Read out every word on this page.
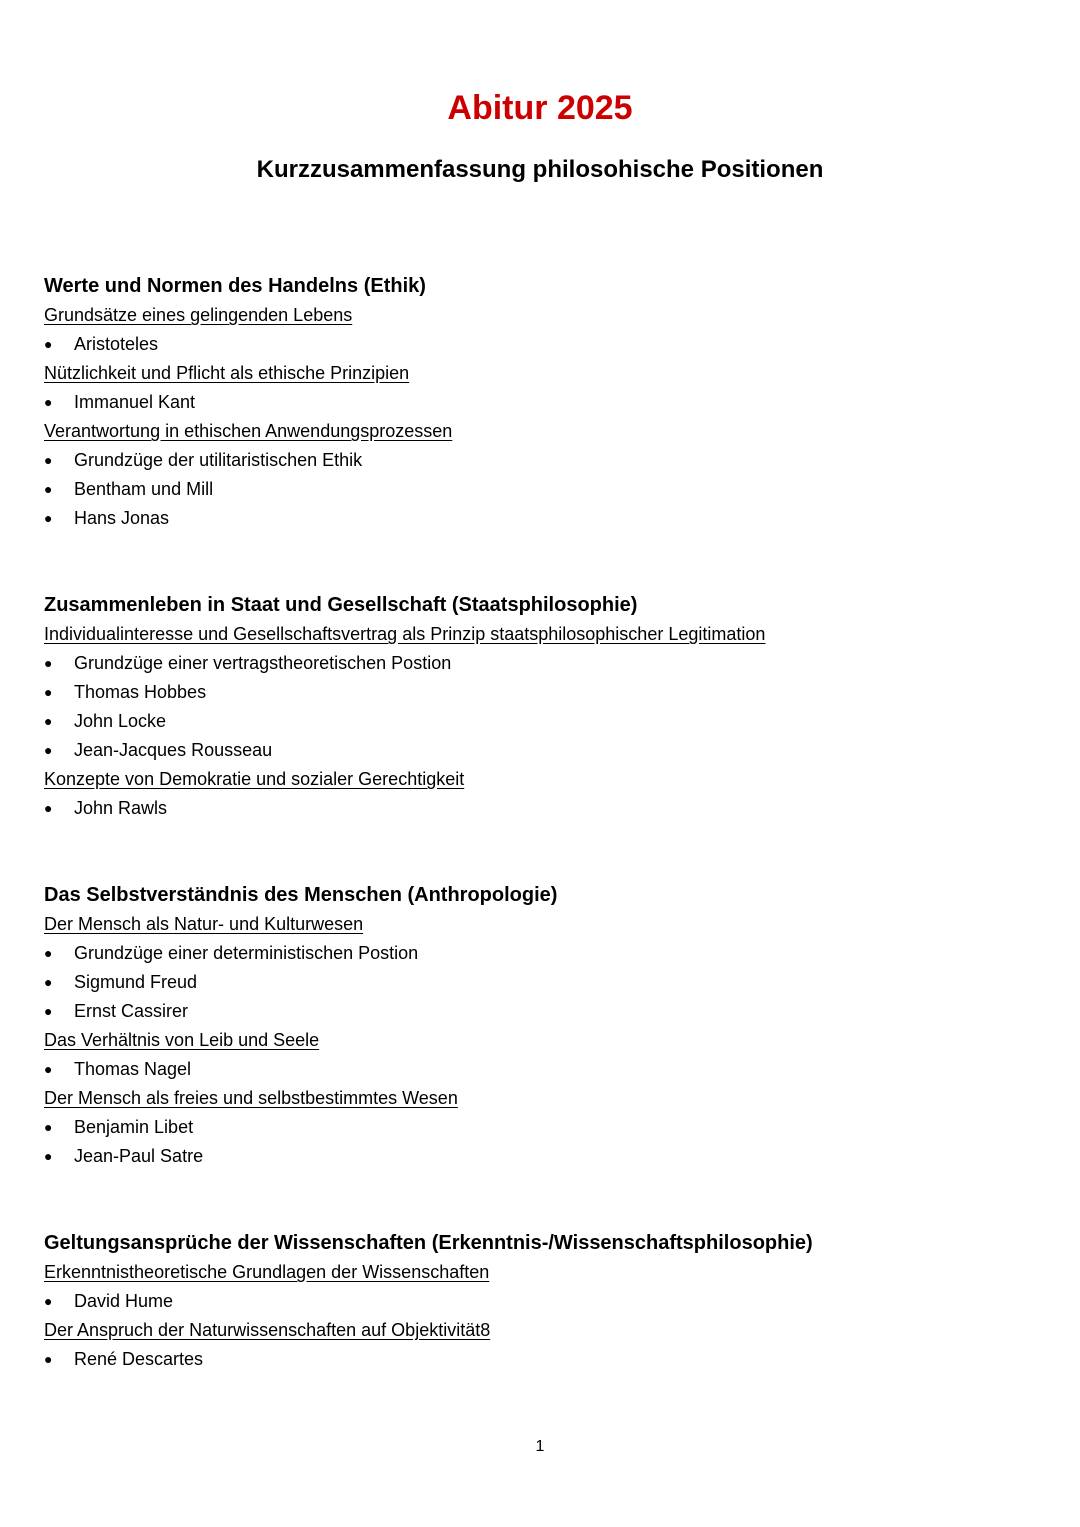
Abitur 2025
Kurzzusammenfassung philosohische Positionen
Werte und Normen des Handelns (Ethik)
Grundsätze eines gelingenden Lebens
●	Aristoteles
Nützlichkeit und Pflicht als ethische Prinzipien
●	Immanuel Kant
Verantwortung in ethischen Anwendungsprozessen
●	Grundzüge der utilitaristischen Ethik
●	Bentham und Mill
●	Hans Jonas
Zusammenleben in Staat und Gesellschaft (Staatsphilosophie)
Individualinteresse und Gesellschaftsvertrag als Prinzip staatsphilosophischer Legitimation
●	Grundzüge einer vertragstheoretischen Postion
●	Thomas Hobbes
●	John Locke
●	Jean-Jacques Rousseau
Konzepte von Demokratie und sozialer Gerechtigkeit
●	John Rawls
Das Selbstverständnis des Menschen (Anthropologie)
Der Mensch als Natur- und Kulturwesen
●	Grundzüge einer deterministischen Postion
●	Sigmund Freud
●	Ernst Cassirer
Das Verhältnis von Leib und Seele
●	Thomas Nagel
Der Mensch als freies und selbstbestimmtes Wesen
●	Benjamin Libet
●	Jean-Paul Satre
Geltungsansprüche der Wissenschaften (Erkenntnis-/Wissenschaftsphilosophie)
Erkenntnistheoretische Grundlagen der Wissenschaften
●	David Hume
Der Anspruch der Naturwissenschaften auf Objektivität8
●	René Descartes
1
